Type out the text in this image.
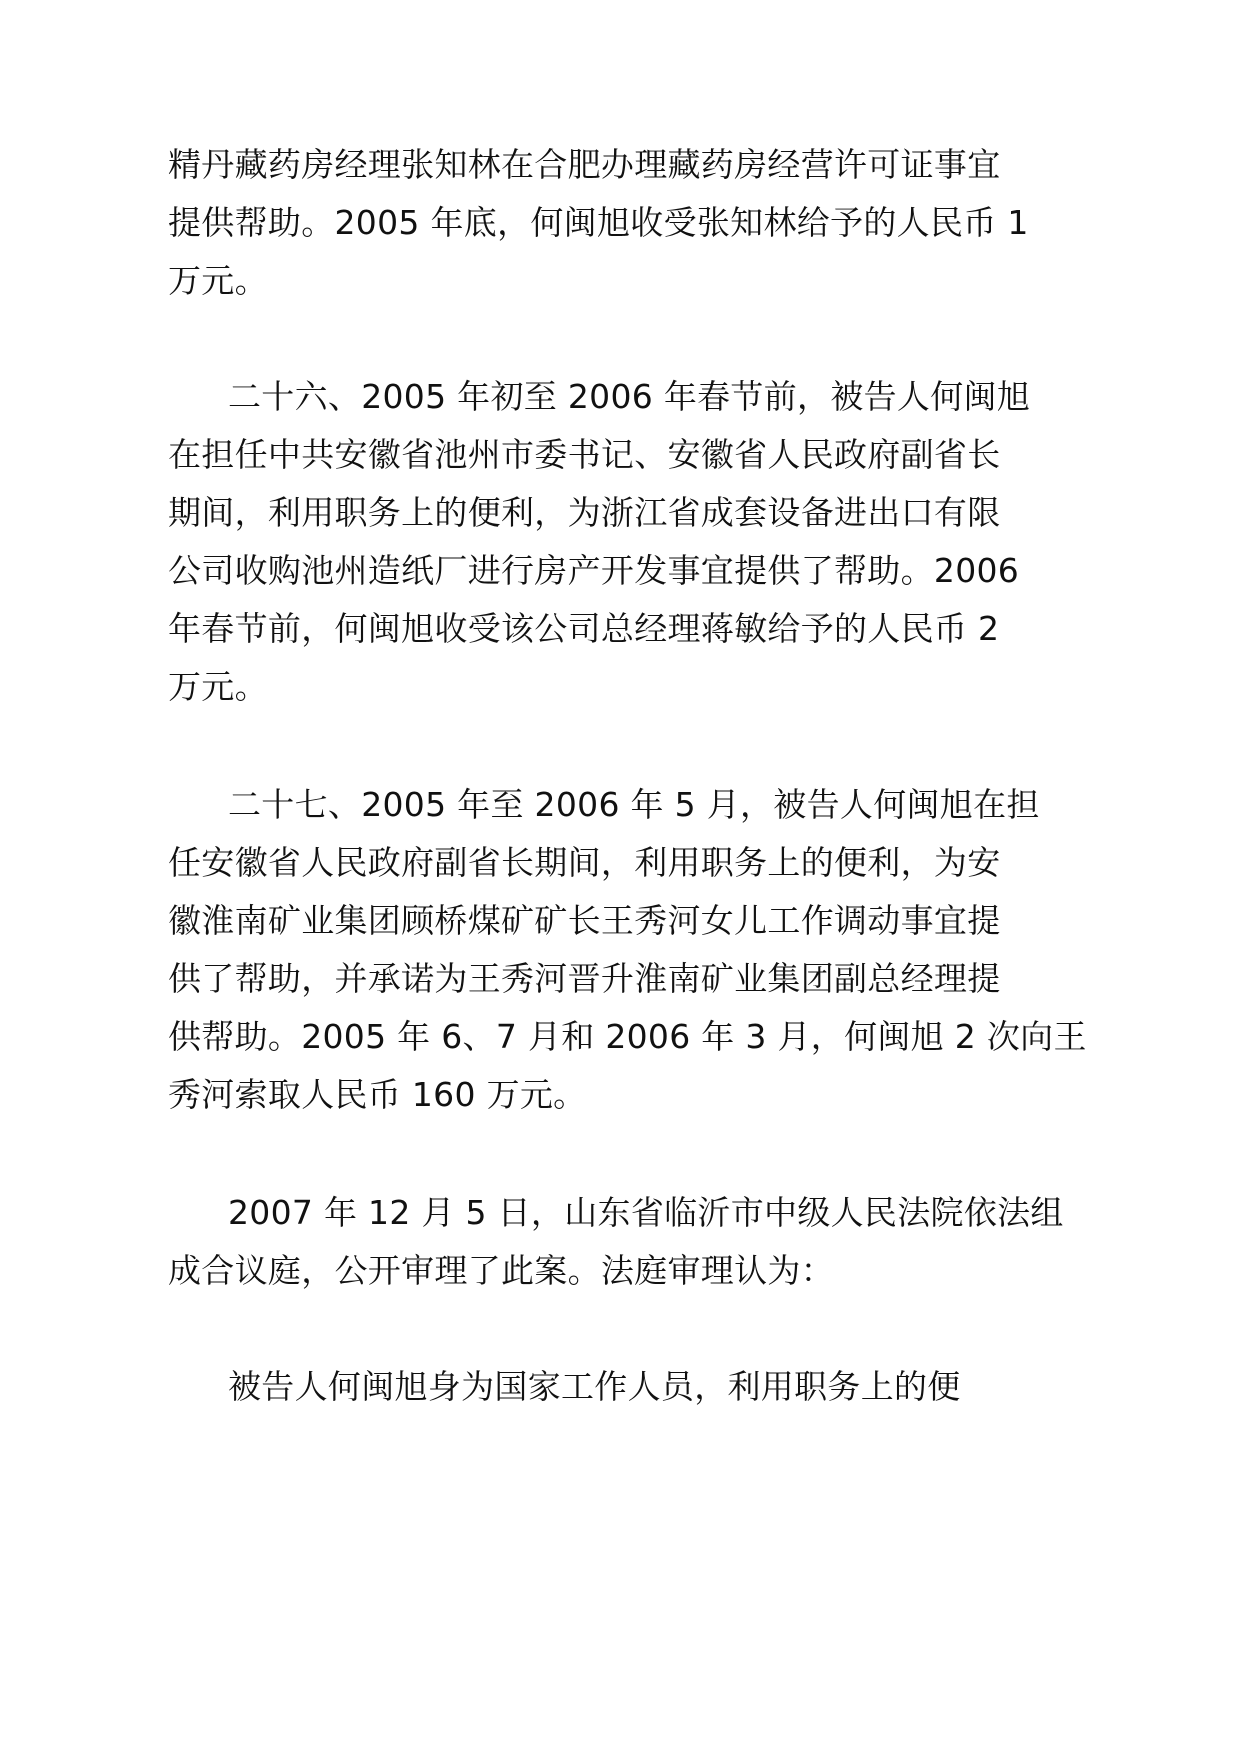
精丹藏药房经理张知林在合肥办理藏药房经营许可证事宜
提供帮助。2005 年底，何闽旭收受张知林给予的人民币 1
万元。
二十六、2005 年初至 2006 年春节前，被告人何闽旭
在担任中共安徽省池州市委书记、安徽省人民政府副省长
期间，利用职务上的便利，为浙江省成套设备进出口有限
公司收购池州造纸厂进行房产开发事宜提供了帮助。2006
年春节前，何闽旭收受该公司总经理蒋敏给予的人民币 2
万元。
二十七、2005 年至 2006 年 5 月，被告人何闽旭在担
任安徽省人民政府副省长期间，利用职务上的便利，为安
徽淮南矿业集团顾桥煤矿矿长王秀河女儿工作调动事宜提
供了帮助，并承诺为王秀河晋升淮南矿业集团副总经理提
供帮助。2005 年 6、7 月和 2006 年 3 月，何闽旭 2 次向王
秀河索取人民币 160 万元。
2007 年 12 月 5 日，山东省临沂市中级人民法院依法组
成合议庭，公开审理了此案。法庭审理认为：
被告人何闽旭身为国家工作人员，利用职务上的便
